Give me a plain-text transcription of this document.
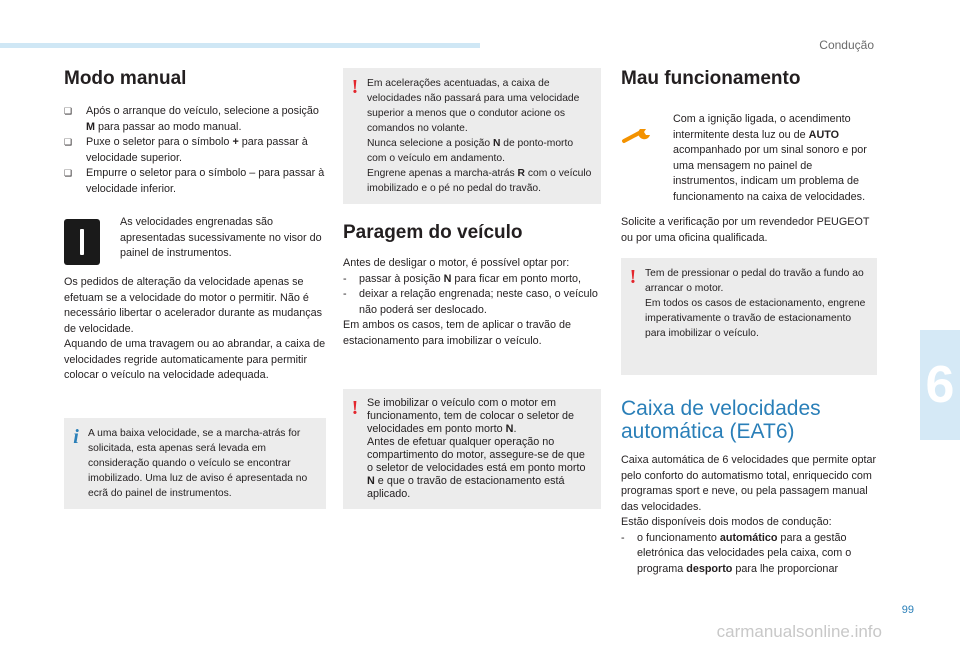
Condução
6
99
carmanualsonline.info
Modo manual
❏	Após o arranque do veículo, selecione a posição M para passar ao modo manual.
❏	Puxe o seletor para o símbolo + para passar à velocidade superior.
❏	Empurre o seletor para o símbolo – para passar à velocidade inferior.

As velocidades engrenadas são apresentadas sucessivamente no visor do painel de instrumentos.

Os pedidos de alteração da velocidade apenas se efetuam se a velocidade do motor o permitir. Não é necessário libertar o acelerador durante as mudanças de velocidade.
Aquando de uma travagem ou ao abrandar, a caixa de velocidades regride automaticamente para permitir colocar o veículo na velocidade adequada.

i A uma baixa velocidade, se a marcha-atrás for solicitada, esta apenas será levada em consideração quando o veículo se encontrar imobilizado. Uma luz de aviso é apresentada no ecrã do painel de instrumentos.

! Em acelerações acentuadas, a caixa de velocidades não passará para uma velocidade superior a menos que o condutor acione os comandos no volante.

Nunca selecione a posição N de ponto-morto com o veículo em andamento.

Engrene apenas a marcha-atrás R com o veículo imobilizado e o pé no pedal do travão.

Paragem do veículo

Antes de desligar o motor, é possível optar por:

-	passar à posição N para ficar em ponto morto,
-	deixar a relação engrenada; neste caso, o veículo não poderá ser deslocado.

Em ambos os casos, tem de aplicar o travão de estacionamento para imobilizar o veículo.

! Se imobilizar o veículo com o motor em funcionamento, tem de colocar o seletor de velocidades em ponto morto N.

Antes de efetuar qualquer operação no compartimento do motor, assegure-se de que o seletor de velocidades está em ponto morto N e que o travão de estacionamento está aplicado.

Mau funcionamento

Com a ignição ligada, o acendimento intermitente desta luz ou de AUTO acompanhado por um sinal sonoro e por uma mensagem no painel de instrumentos, indicam um problema de funcionamento na caixa de velocidades.

Solicite a verificação por um revendedor PEUGEOT ou por uma oficina qualificada.

! Tem de pressionar o pedal do travão a fundo ao arrancar o motor.
Em todos os casos de estacionamento, engrene imperativamente o travão de estacionamento para imobilizar o veículo.

Caixa de velocidades automática (EAT6)

Caixa automática de 6 velocidades que permite optar pelo conforto do automatismo total, enriquecido com programas sport e neve, ou pela passagem manual das velocidades.
Estão disponíveis dois modos de condução:

-	o funcionamento automático para a gestão eletrónica das velocidades pela caixa, com o programa desporto para lhe proporcionar
